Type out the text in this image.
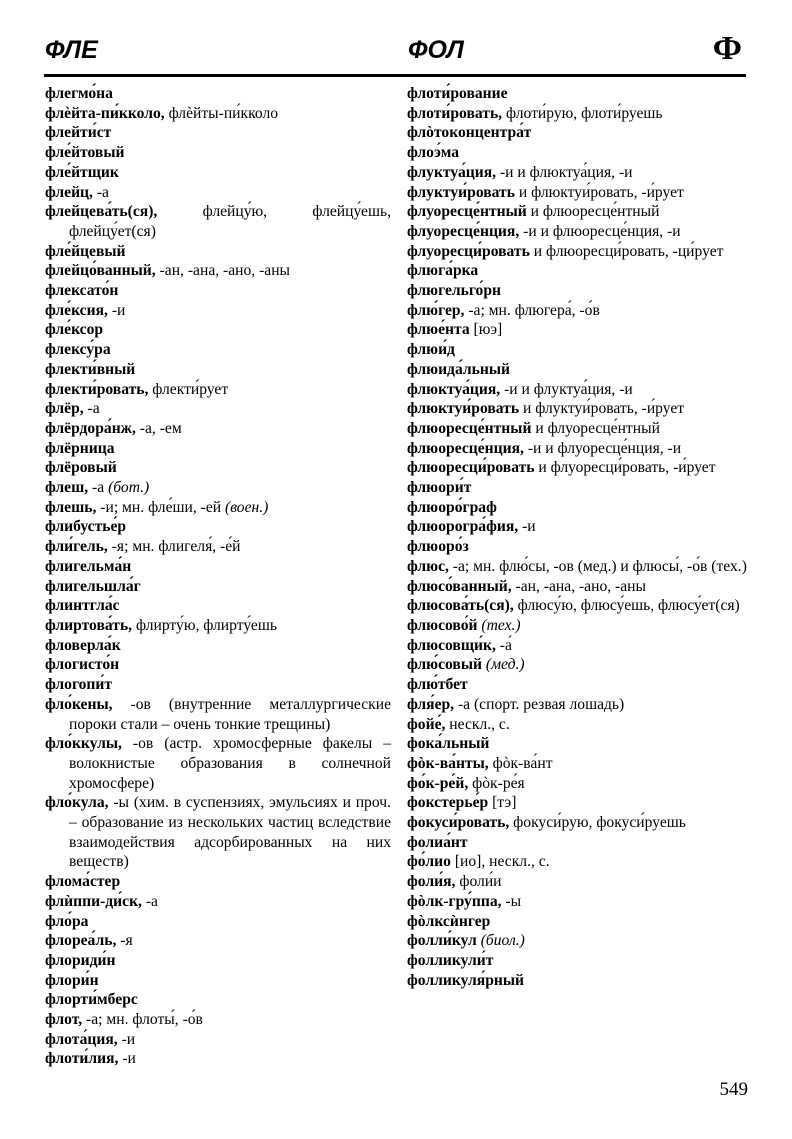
ФЛЕ	ФОЛ	Ф
флегмо́на
флѐйта-пи́кколо, флѐйты-пи́кколо
флейти́ст
фле́йтовый
фле́йтщик
флейц, -а
флейцева́ть(ся), флейцу́ю, флейцу́ешь, флейцу́ет(ся)
фле́йцевый
флейцо́ванный, -ан, -ана, -ано, -аны
флексато́н
фле́ксия, -и
фле́ксор
флексу́ра
флекти́вный
флекти́ровать, флекти́рует
флёр, -а
флёрдора́нж, -а, -ем
флёрница
флёровый
флеш, -а (бот.)
флешь, -и; мн. фле́ши, -ей (воен.)
флибустье́р
фли́гель, -я; мн. флигеля́, -е́й
флигельма́н
флигельшла́г
флинтгла́с
флиртова́ть, флирту́ю, флирту́ешь
фловерла́к
флогисто́н
флогопи́т
фло́кены, -ов (внутренние металлургические пороки стали – очень тонкие трещины)
фло́ккулы, -ов (астр. хромосферные факелы – волокнистые образования в солнечной хромосфере)
фло́кула, -ы (хим. в суспензиях, эмульсиях и проч. – образование из нескольких частиц вследствие взаимодействия адсорбированных на них веществ)
флома́стер
флѝппи-ди́ск, -а
фло́ра
флореа́ль, -я
флориди́н
флори́н
флорти́мберс
флот, -а; мн. флоты́, -о́в
флота́ция, -и
флоти́лия, -и
флоти́рование
флоти́ровать, флоти́рую, флоти́руешь
флòтоконцентра́т
флоэ́ма
флуктуа́ция, -и и флюктуа́ция, -и
флуктуи́ровать и флюктуи́ровать, -и́рует
флуоресце́нтный и флюоресце́нтный
флуоресце́нция, -и и флюоресце́нция, -и
флуоресци́ровать и флюоресци́ровать, -ци́рует
флюга́рка
флюгельго́рн
флю́гер, -а; мн. флюгера́, -о́в
флюе́нта [юэ]
флюи́д
флюида́льный
флюктуа́ция, -и и флуктуа́ция, -и
флюктуи́ровать и флуктуи́ровать, -и́рует
флюоресце́нтный и флуоресце́нтный
флюоресце́нция, -и и флуоресце́нция, -и
флюоресци́ровать и флуоресци́ровать, -и́рует
флюори́т
флюоро́граф
флюорогра́фия, -и
флюоро́з
флюс, -а; мн. флю́сы, -ов (мед.) и флюсы́, -о́в (тех.)
флюсо́ванный, -ан, -ана, -ано, -аны
флюсова́ть(ся), флюсу́ю, флюсу́ешь, флюсу́ет(ся)
флюсово́й (тех.)
флюсовщи́к, -а́
флю́совый (мед.)
флю́тбет
фля́ер, -а (спорт. резвая лошадь)
фойе́, нескл., с.
фока́льный
фòк-ва́нты, фòк-ва́нт
фо́к-ре́й, фòк-ре́я
фокстерье́р [тэ]
фокуси́ровать, фокуси́рую, фокуси́руешь
фолиа́нт
фо́лио [ио], нескл., с.
фоли́я, фоли́и
фòлк-гру́ппа, -ы
фòлксѝнгер
фолли́кул (биол.)
фолликули́т
фолликуля́рный
549
